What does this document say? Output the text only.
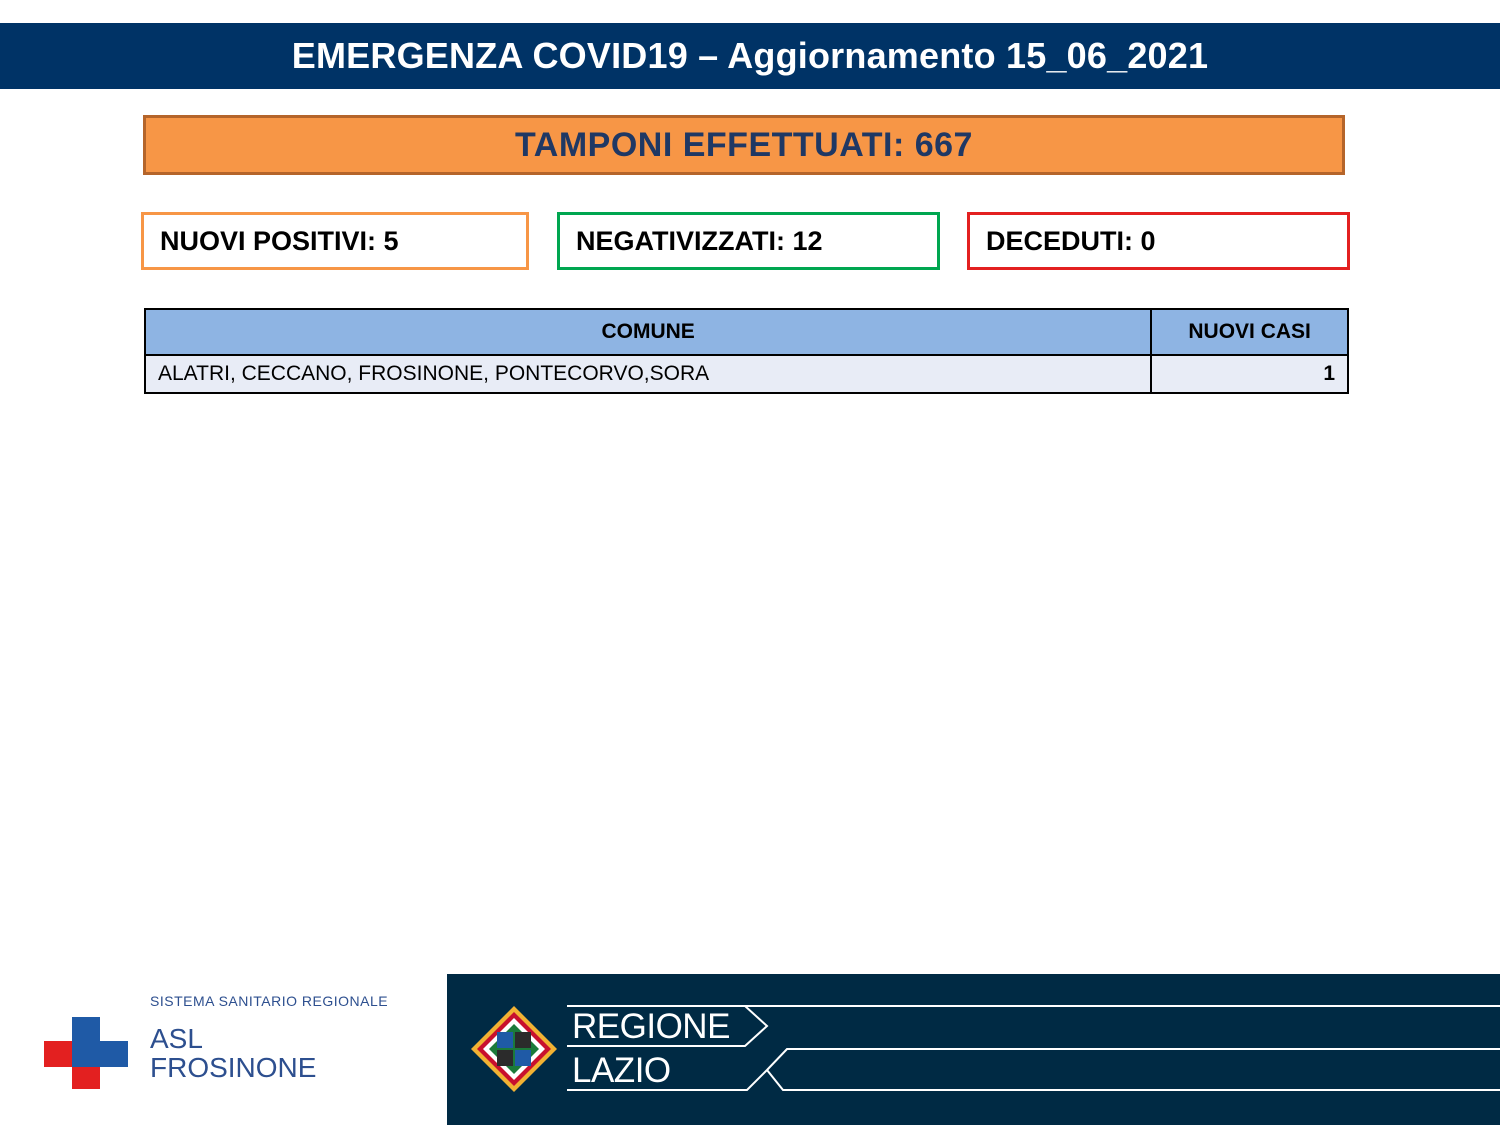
EMERGENZA COVID19 – Aggiornamento 15_06_2021
TAMPONI EFFETTUATI: 667
NUOVI POSITIVI: 5	NEGATIVIZZATI: 12	DECEDUTI: 0
COMUNE	NUOVI CASI
ALATRI, CECCANO, FROSINONE, PONTECORVO,SORA	1
SISTEMA SANITARIO REGIONALE
ASL
FROSINONE
REGIONE
LAZIO
